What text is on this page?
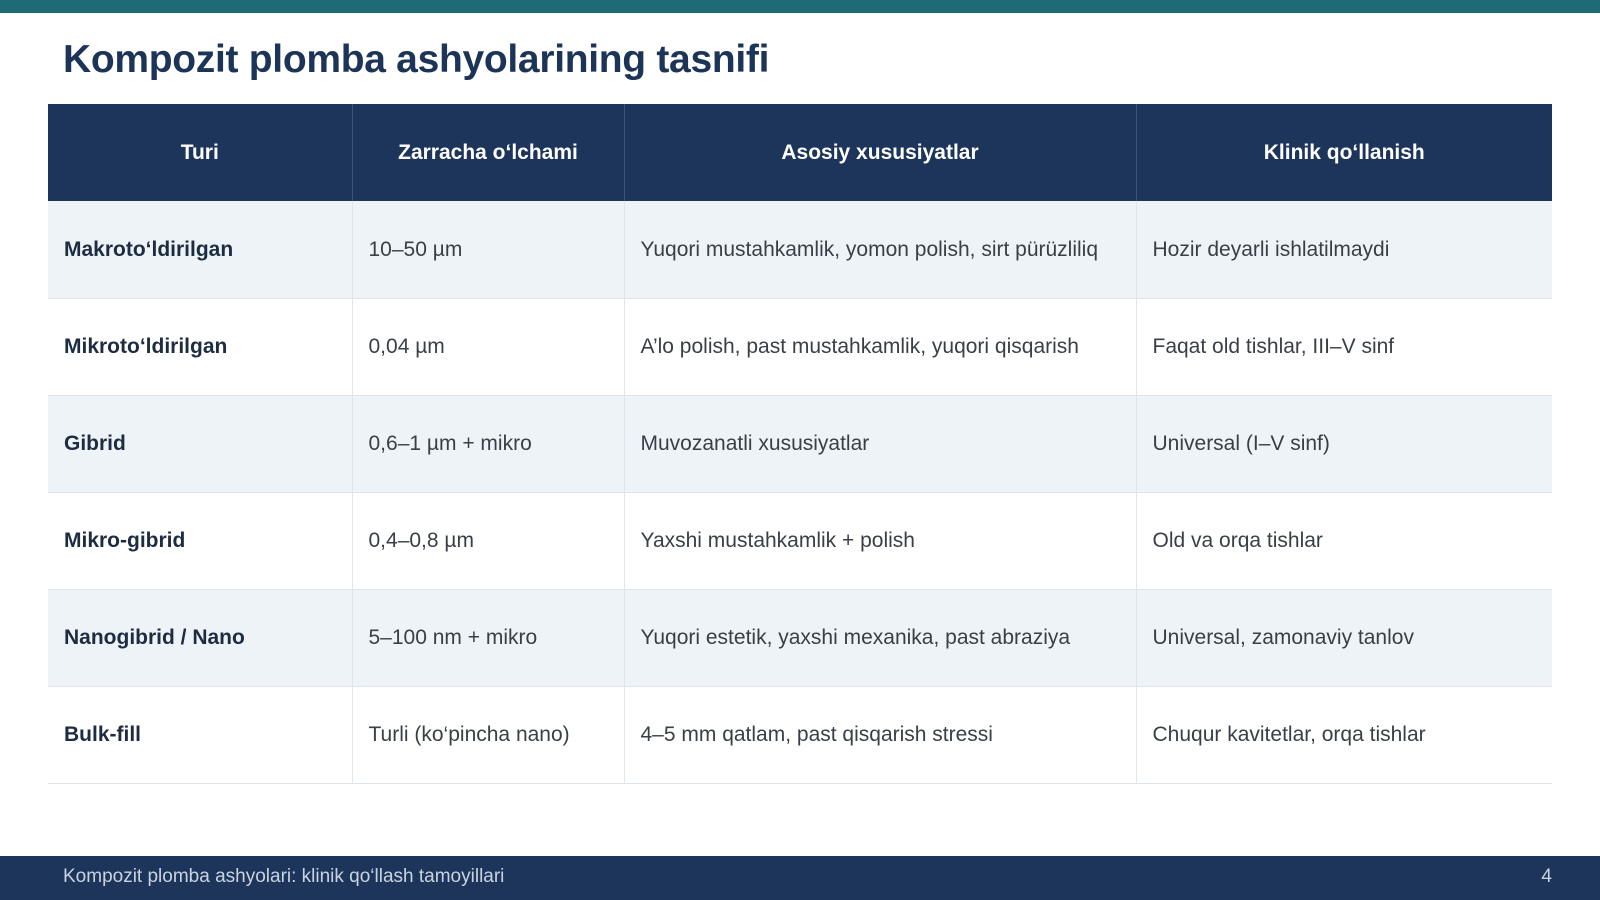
Kompozit plomba ashyolarining tasnifi
Turi	Zarracha o‘lchami	Asosiy xususiyatlar	Klinik qo‘llanish
Makroto‘ldirilgan	10–50 µm	Yuqori mustahkamlik, yomon polish, sirt pürüzliliq	Hozir deyarli ishlatilmaydi
Mikroto‘ldirilgan	0,04 µm	A’lo polish, past mustahkamlik, yuqori qisqarish	Faqat old tishlar, III–V sinf
Gibrid	0,6–1 µm + mikro	Muvozanatli xususiyatlar	Universal (I–V sinf)
Mikro-gibrid	0,4–0,8 µm	Yaxshi mustahkamlik + polish	Old va orqa tishlar
Nanogibrid / Nano	5–100 nm + mikro	Yuqori estetik, yaxshi mexanika, past abraziya	Universal, zamonaviy tanlov
Bulk-fill	Turli (ko‘pincha nano)	4–5 mm qatlam, past qisqarish stressi	Chuqur kavitetlar, orqa tishlar
Kompozit plomba ashyolari: klinik qo‘llash tamoyillari	4
